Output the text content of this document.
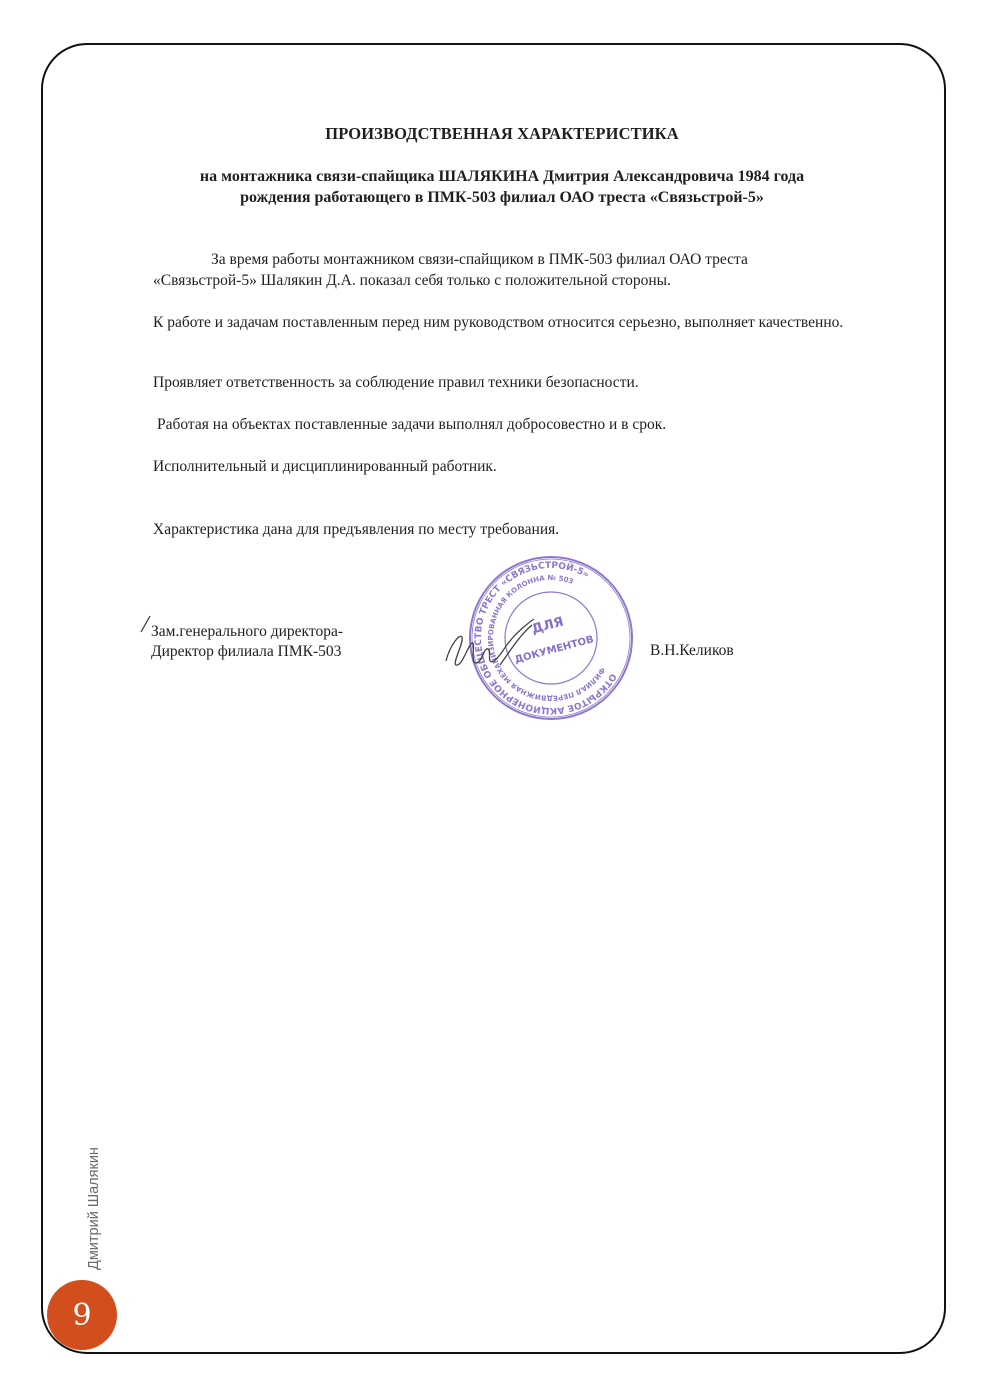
ПРОИЗВОДСТВЕННАЯ ХАРАКТЕРИСТИКА
на монтажника связи-спайщика ШАЛЯКИНА Дмитрия Александровича 1984 года
рождения работающего в ПМК-503 филиал ОАО треста «Связьстрой-5»
За время работы монтажником связи-спайщиком в ПМК-503 филиал ОАО треста «Связьстрой-5» Шалякин Д.А. показал себя только с положительной стороны.
К работе и задачам поставленным перед ним руководством относится серьезно, выполняет качественно.
Проявляет ответственность за соблюдение правил техники безопасности.
Работая на объектах поставленные задачи выполнял добросовестно и в срок.
Исполнительный и дисциплинированный работник.
Характеристика дана для предъявления по месту требования.
Зам.генерального директора-
Директор филиала ПМК-503
ОТКРЫТОЕ АКЦИОНЕРНОЕ ОБЩЕСТВО ТРЕСТ «СВЯЗЬСТРОЙ-5»
ФИЛИАЛ ПЕРЕДВИЖНАЯ МЕХАНИЗИРОВАННАЯ КОЛОННА № 503
ДЛЯ
ДОКУМЕНТОВ	В.Н.Келиков
Дмитрий Шалякин
9
